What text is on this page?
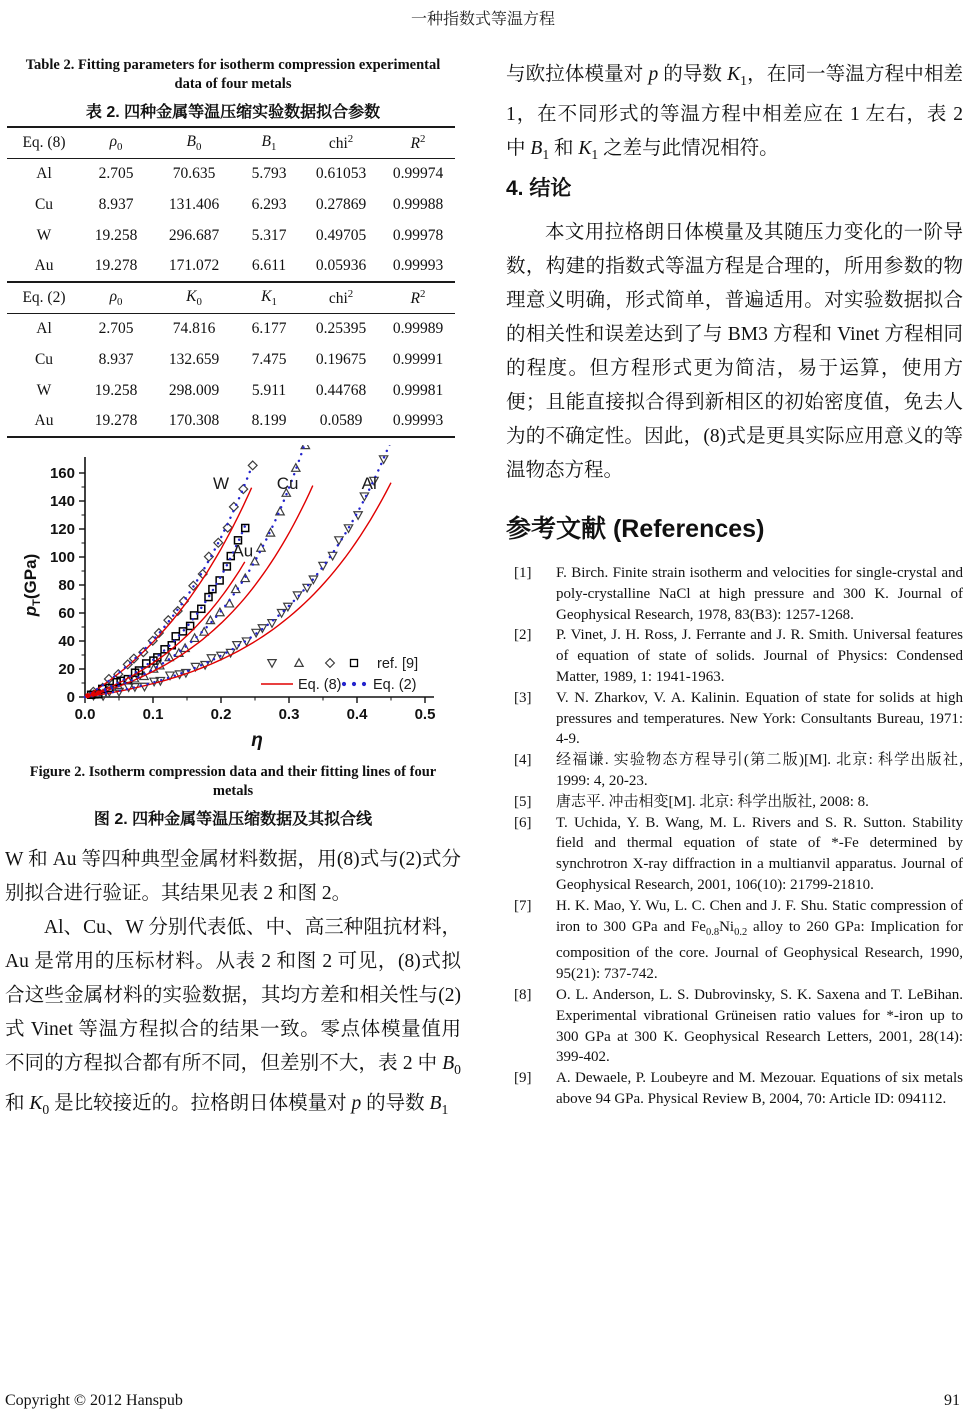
一种指数式等温方程
Table 2. Fitting parameters for isotherm compression experimental
data of four metals
表 2. 四种金属等温压缩实验数据拟合参数
Eq. (8)	$\rho_0$	$B_0$	$B_1$	chi$^2$	$R^2$
Al	2.705	70.635	5.793	0.61053	0.99974
Cu	8.937	131.406	6.293	0.27869	0.99988
W	19.258	296.687	5.317	0.49705	0.99978
Au	19.278	171.072	6.611	0.05936	0.99993
Eq. (2)	$\rho_0$	$K_0$	$K_1$	chi$^2$	$R^2$
Al	2.705	74.816	6.177	0.25395	0.99989
Cu	8.937	132.659	7.475	0.19675	0.99991
W	19.258	298.009	5.911	0.44768	0.99981
Au	19.278	170.308	8.199	0.0589	0.99993
0
20
40
60
80
100
120
140
160
0.0	0.1	0.2	0.3	0.4	0.5
$p_T(GPa)$
η
Al
Cu
W
Au
ref. [9]
Eq. (8) Eq. (2)
Figure 2. Isotherm compression data and their fitting lines of four
metals
图 2. 四种金属等温压缩数据及其拟合线
W 和 Au 等四种典型金属材料数据，用(8)式与(2)式分别拟合进行验证。其结果见表 2 和图 2。
Al、Cu、W 分别代表低、中、高三种阻抗材料，Au 是常用的压标材料。从表 2 和图 2 可见，(8)式拟合这些金属材料的实验数据，其均方差和相关性与(2)式 Vinet 等温方程拟合的结果一致。零点体模量值用不同的方程拟合都有所不同，但差别不大，表 2 中 $B_0$ 和 $K_0$ 是比较接近的。拉格朗日体模量对 p 的导数 $B_1$
与欧拉体模量对 p 的导数 $K_1$，在同一等温方程中相差 1，在不同形式的等温方程中相差应在 1 左右，表 2 中 $B_1$ 和 $K_1$ 之差与此情况相符。
4. 结论
本文用拉格朗日体模量及其随压力变化的一阶导数，构建的指数式等温方程是合理的，所用参数的物理意义明确，形式简单，普遍适用。对实验数据拟合的相关性和误差达到了与 BM3 方程和 Vinet 方程相同的程度。但方程形式更为简洁，易于运算，使用方便；且能直接拟合得到新相区的初始密度值，免去人为的不确定性。因此，(8)式是更具实际应用意义的等温物态方程。
参考文献 (References)
[1]	F. Birch. Finite strain isotherm and velocities for single-crystal and poly-crystalline NaCl at high pressure and 300 K. Journal of Geophysical Research, 1978, 83(B3): 1257-1268.
[2]	P. Vinet, J. H. Ross, J. Ferrante and J. R. Smith. Universal features of equation of state of solids. Journal of Physics: Condensed Matter, 1989, 1: 1941-1963.
[3]	V. N. Zharkov, V. A. Kalinin. Equation of state for solids at high pressures and temperatures. New York: Consultants Bureau, 1971: 4-9.
[4]	经福谦. 实验物态方程导引(第二版)[M]. 北京: 科学出版社, 1999: 4, 20-23.
[5]	唐志平. 冲击相变[M]. 北京: 科学出版社, 2008: 8.
[6]	T. Uchida, Y. B. Wang, M. L. Rivers and S. R. Sutton. Stability field and thermal equation of state of *-Fe determined by synchrotron X-ray diffraction in a multianvil apparatus. Journal of Geophysical Research, 2001, 106(10): 21799-21810.
[7]	H. K. Mao, Y. Wu, L. C. Chen and J. F. Shu. Static compression of iron to 300 GPa and $Fe_{0.8}Ni_{0.2}$ alloy to 260 GPa: Implication for composition of the core. Journal of Geophysical Research, 1990, 95(21): 737-742.
[8]	O. L. Anderson, L. S. Dubrovinsky, S. K. Saxena and T. LeBihan. Experimental vibrational Grüneisen ratio values for *-iron up to 300 GPa at 300 K. Geophysical Research Letters, 2001, 28(14): 399-402.
[9]	A. Dewaele, P. Loubeyre and M. Mezouar. Equations of six metals above 94 GPa. Physical Review B, 2004, 70: Article ID: 094112.
Copyright © 2012 Hanspub	91
